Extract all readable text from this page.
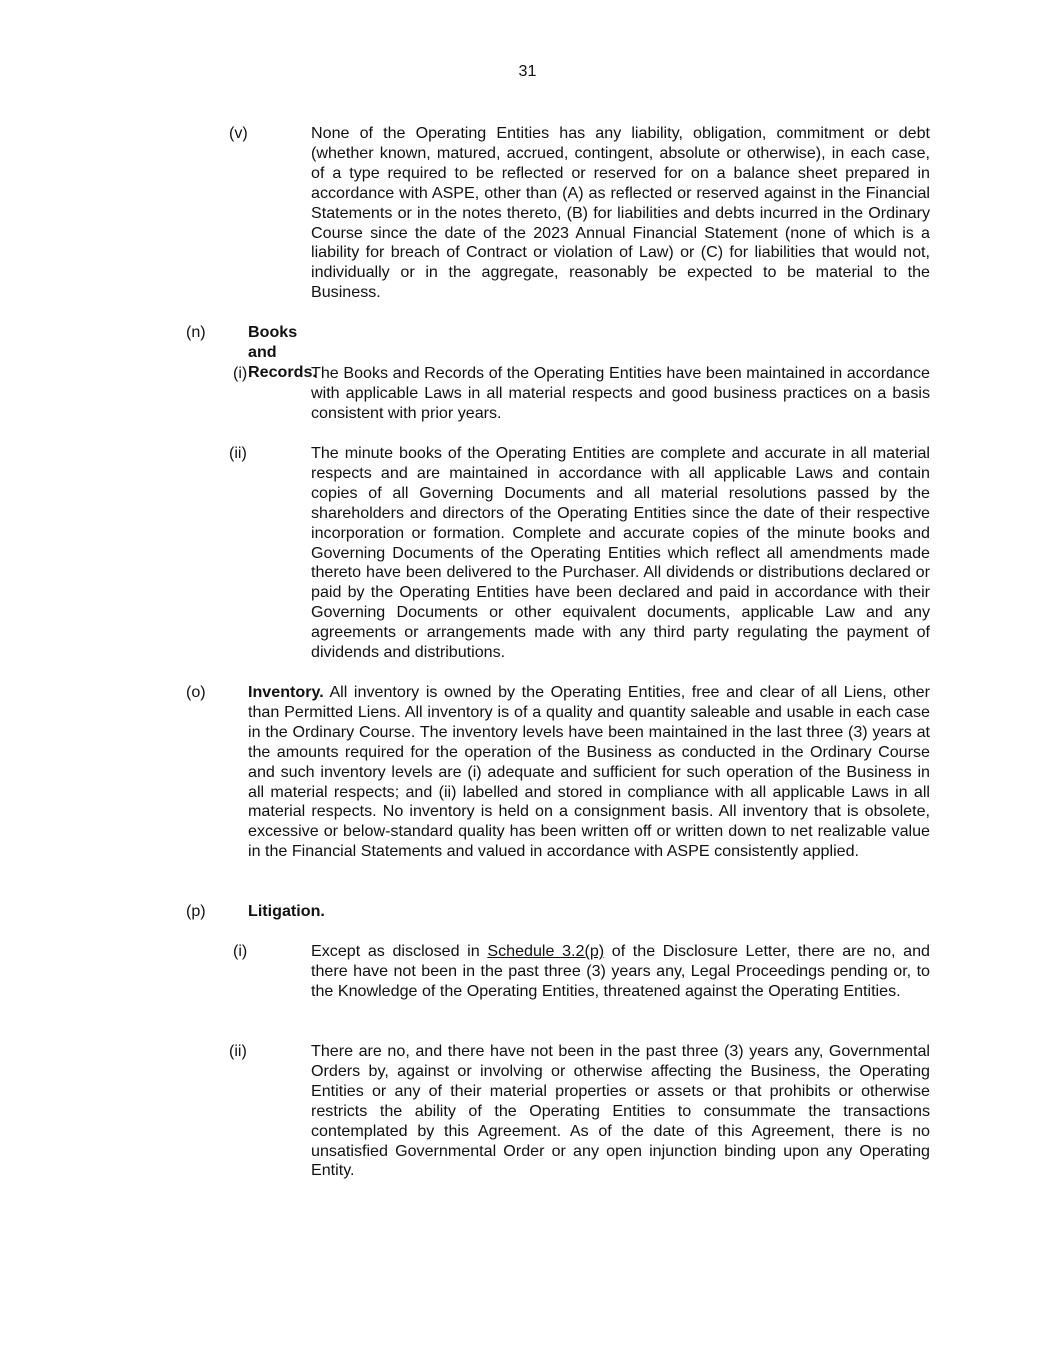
31
(v)	None of the Operating Entities has any liability, obligation, commitment or debt (whether known, matured, accrued, contingent, absolute or otherwise), in each case, of a type required to be reflected or reserved for on a balance sheet prepared in accordance with ASPE, other than (A) as reflected or reserved against in the Financial Statements or in the notes thereto, (B) for liabilities and debts incurred in the Ordinary Course since the date of the 2023 Annual Financial Statement (none of which is a liability for breach of Contract or violation of Law) or (C) for liabilities that would not, individually or in the aggregate, reasonably be expected to be material to the Business.
(n)	Books and Records.
(i)	The Books and Records of the Operating Entities have been maintained in accordance with applicable Laws in all material respects and good business practices on a basis consistent with prior years.
(ii)	The minute books of the Operating Entities are complete and accurate in all material respects and are maintained in accordance with all applicable Laws and contain copies of all Governing Documents and all material resolutions passed by the shareholders and directors of the Operating Entities since the date of their respective incorporation or formation. Complete and accurate copies of the minute books and Governing Documents of the Operating Entities which reflect all amendments made thereto have been delivered to the Purchaser. All dividends or distributions declared or paid by the Operating Entities have been declared and paid in accordance with their Governing Documents or other equivalent documents, applicable Law and any agreements or arrangements made with any third party regulating the payment of dividends and distributions.
(o)	Inventory. All inventory is owned by the Operating Entities, free and clear of all Liens, other than Permitted Liens. All inventory is of a quality and quantity saleable and usable in each case in the Ordinary Course. The inventory levels have been maintained in the last three (3) years at the amounts required for the operation of the Business as conducted in the Ordinary Course and such inventory levels are (i) adequate and sufficient for such operation of the Business in all material respects; and (ii) labelled and stored in compliance with all applicable Laws in all material respects. No inventory is held on a consignment basis. All inventory that is obsolete, excessive or below-standard quality has been written off or written down to net realizable value in the Financial Statements and valued in accordance with ASPE consistently applied.
(p)	Litigation.
(i)	Except as disclosed in Schedule 3.2(p) of the Disclosure Letter, there are no, and there have not been in the past three (3) years any, Legal Proceedings pending or, to the Knowledge of the Operating Entities, threatened against the Operating Entities.
(ii)	There are no, and there have not been in the past three (3) years any, Governmental Orders by, against or involving or otherwise affecting the Business, the Operating Entities or any of their material properties or assets or that prohibits or otherwise restricts the ability of the Operating Entities to consummate the transactions contemplated by this Agreement. As of the date of this Agreement, there is no unsatisfied Governmental Order or any open injunction binding upon any Operating Entity.
